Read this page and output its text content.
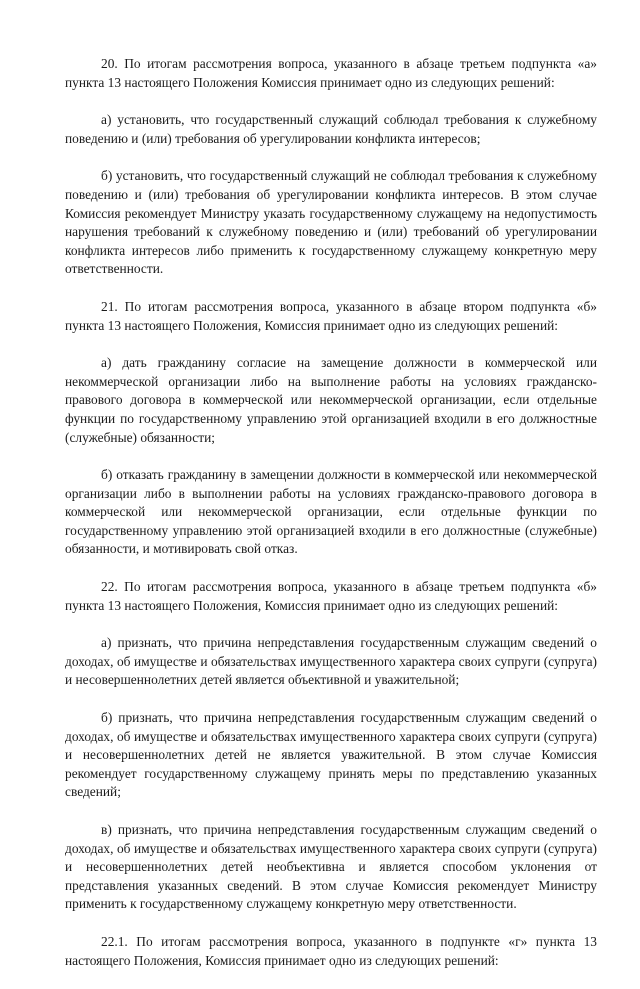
20. По итогам рассмотрения вопроса, указанного в абзаце третьем подпункта «а» пункта 13 настоящего Положения Комиссия принимает одно из следующих решений:

а) установить, что государственный служащий соблюдал требования к служебному поведению и (или) требования об урегулировании конфликта интересов;

б) установить, что государственный служащий не соблюдал требования к служебному поведению и (или) требования об урегулировании конфликта интересов. В этом случае Комиссия рекомендует Министру указать государственному служащему на недопустимость нарушения требований к служебному поведению и (или) требований об урегулировании конфликта интересов либо применить к государственному служащему конкретную меру ответственности.

21. По итогам рассмотрения вопроса, указанного в абзаце втором подпункта «б» пункта 13 настоящего Положения, Комиссия принимает одно из следующих решений:

а) дать гражданину согласие на замещение должности в коммерческой или некоммерческой организации либо на выполнение работы на условиях гражданско-правового договора в коммерческой или некоммерческой организации, если отдельные функции по государственному управлению этой организацией входили в его должностные (служебные) обязанности;

б) отказать гражданину в замещении должности в коммерческой или некоммерческой организации либо в выполнении работы на условиях гражданско-правового договора в коммерческой или некоммерческой организации, если отдельные функции по государственному управлению этой организацией входили в его должностные (служебные) обязанности, и мотивировать свой отказ.

22. По итогам рассмотрения вопроса, указанного в абзаце третьем подпункта «б» пункта 13 настоящего Положения, Комиссия принимает одно из следующих решений:

а) признать, что причина непредставления государственным служащим сведений о доходах, об имуществе и обязательствах имущественного характера своих супруги (супруга) и несовершеннолетних детей является объективной и уважительной;

б) признать, что причина непредставления государственным служащим сведений о доходах, об имуществе и обязательствах имущественного характера своих супруги (супруга) и несовершеннолетних детей не является уважительной. В этом случае Комиссия рекомендует государственному служащему принять меры по представлению указанных сведений;

в) признать, что причина непредставления государственным служащим сведений о доходах, об имуществе и обязательствах имущественного характера своих супруги (супруга) и несовершеннолетних детей необъективна и является способом уклонения от представления указанных сведений. В этом случае Комиссия рекомендует Министру применить к государственному служащему конкретную меру ответственности.

22.1. По итогам рассмотрения вопроса, указанного в подпункте «г» пункта 13 настоящего Положения, Комиссия принимает одно из следующих решений:
